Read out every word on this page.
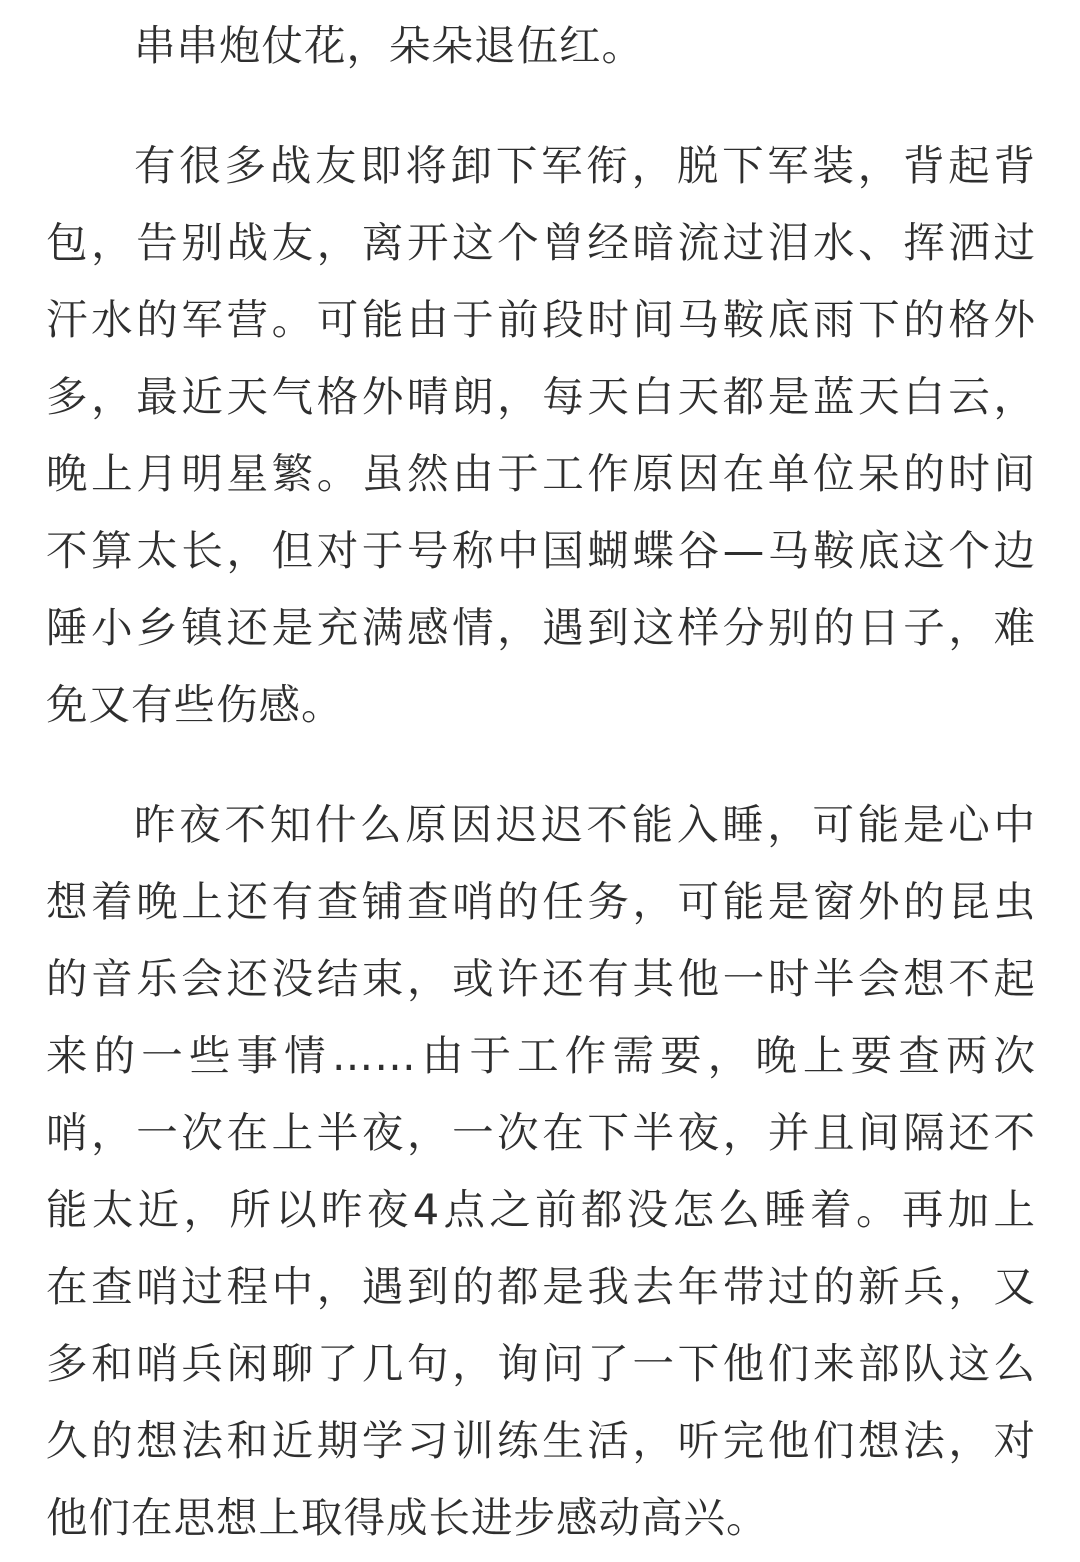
串串炮仗花，朵朵退伍红。
有很多战友即将卸下军衔，脱下军装，背起背
包，告别战友，离开这个曾经暗流过泪水、挥洒过
汗水的军营。可能由于前段时间马鞍底雨下的格外
多，最近天气格外晴朗，每天白天都是蓝天白云，
晚上月明星繁。虽然由于工作原因在单位呆的时间
不算太长，但对于号称中国蝴蝶谷—马鞍底这个边
陲小乡镇还是充满感情，遇到这样分别的日子，难
免又有些伤感。
昨夜不知什么原因迟迟不能入睡，可能是心中
想着晚上还有查铺查哨的任务，可能是窗外的昆虫
的音乐会还没结束，或许还有其他一时半会想不起
来的一些事情……由于工作需要，晚上要查两次
哨，一次在上半夜，一次在下半夜，并且间隔还不
能太近，所以昨夜4点之前都没怎么睡着。再加上
在查哨过程中，遇到的都是我去年带过的新兵，又
多和哨兵闲聊了几句，询问了一下他们来部队这么
久的想法和近期学习训练生活，听完他们想法，对
他们在思想上取得成长进步感动高兴。
